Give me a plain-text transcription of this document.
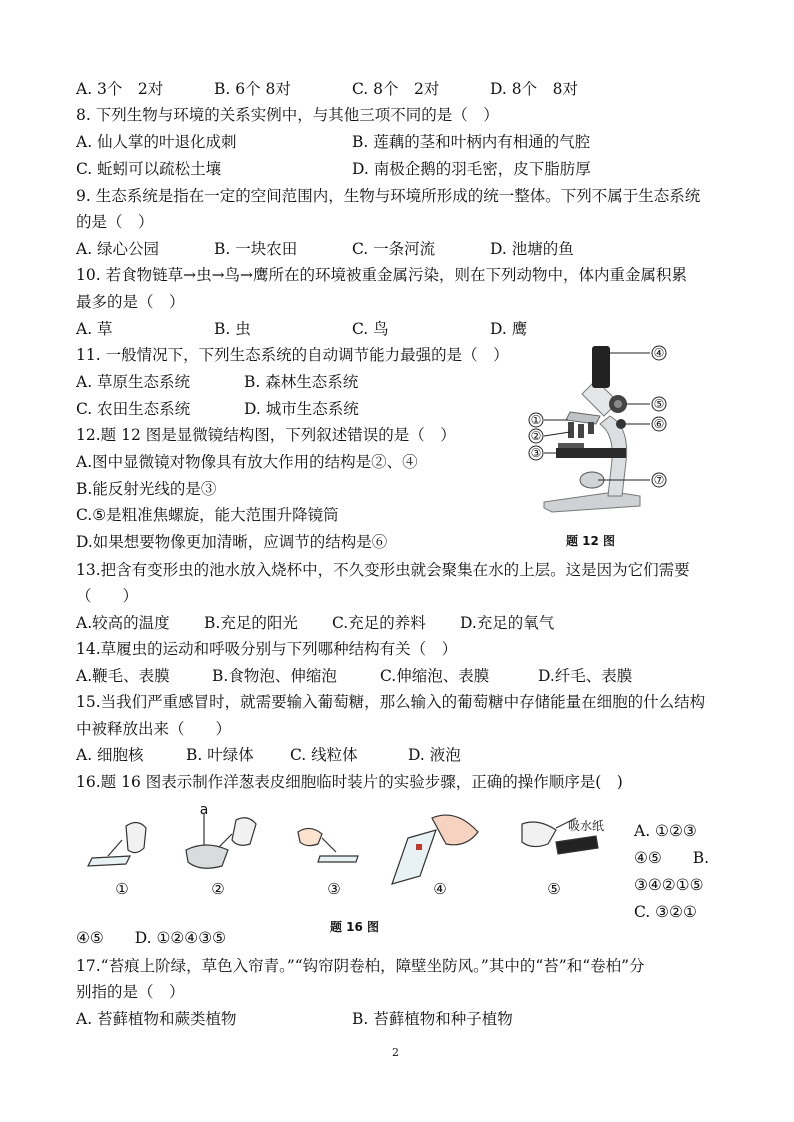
A. 3个　2对	B. 6个 8对	C. 8个　2对	D. 8个　8对
8. 下列生物与环境的关系实例中，与其他三项不同的是（　）
A. 仙人掌的叶退化成刺	B. 莲藕的茎和叶柄内有相通的气腔
C. 蚯蚓可以疏松土壤	D. 南极企鹅的羽毛密，皮下脂肪厚
9. 生态系统是指在一定的空间范围内，生物与环境所形成的统一整体。下列不属于生态系统
的是（　）
A. 绿心公园	B. 一块农田	C. 一条河流	D. 池塘的鱼
10. 若食物链草→虫→鸟→鹰所在的环境被重金属污染，则在下列动物中，体内重金属积累
最多的是（　）
A. 草	B. 虫	C. 鸟	D. 鹰
11. 一般情况下，下列生态系统的自动调节能力最强的是（　）
A. 草原生态系统	B. 森林生态系统
C. 农田生态系统	D. 城市生态系统
12.题 12 图是显微镜结构图，下列叙述错误的是（　）
A.图中显微镜对物像具有放大作用的结构是②、④
B.能反射光线的是③
C.⑤是粗准焦螺旋，能大范围升降镜筒
D.如果想要物像更加清晰，应调节的结构是⑥
④
⑤
⑥
①
②
③
⑦
题 12 图
13.把含有变形虫的池水放入烧杯中，不久变形虫就会聚集在水的上层。这是因为它们需要
（　　）
A.较高的温度 B.充足的阳光 C.充足的养料 D.充足的氧气
14.草履虫的运动和呼吸分别与下列哪种结构有关（　）
A.鞭毛、表膜	B.食物泡、伸缩泡	C.伸缩泡、表膜	D.纤毛、表膜
15.当我们严重感冒时，就需要输入葡萄糖，那么输入的葡萄糖中存储能量在细胞的什么结构
中被释放出来（　　）
A. 细胞核	B. 叶绿体 C. 线粒体	D. 液泡
16.题 16 图表示制作洋葱表皮细胞临时装片的实验步骤，正确的操作顺序是(　)
a
①	②	③	④	⑤
吸水纸
题 16 图
A. ①②③
④⑤　　B.
③④②①⑤
C. ③②①
④⑤　　D. ①②④③⑤
17.“苔痕上阶绿，草色入帘青。”“钩帘阴卷柏，障壁坐防风。”其中的“苔”和“卷柏”分
别指的是（　）
A. 苔藓植物和蕨类植物	B. 苔藓植物和种子植物
2
